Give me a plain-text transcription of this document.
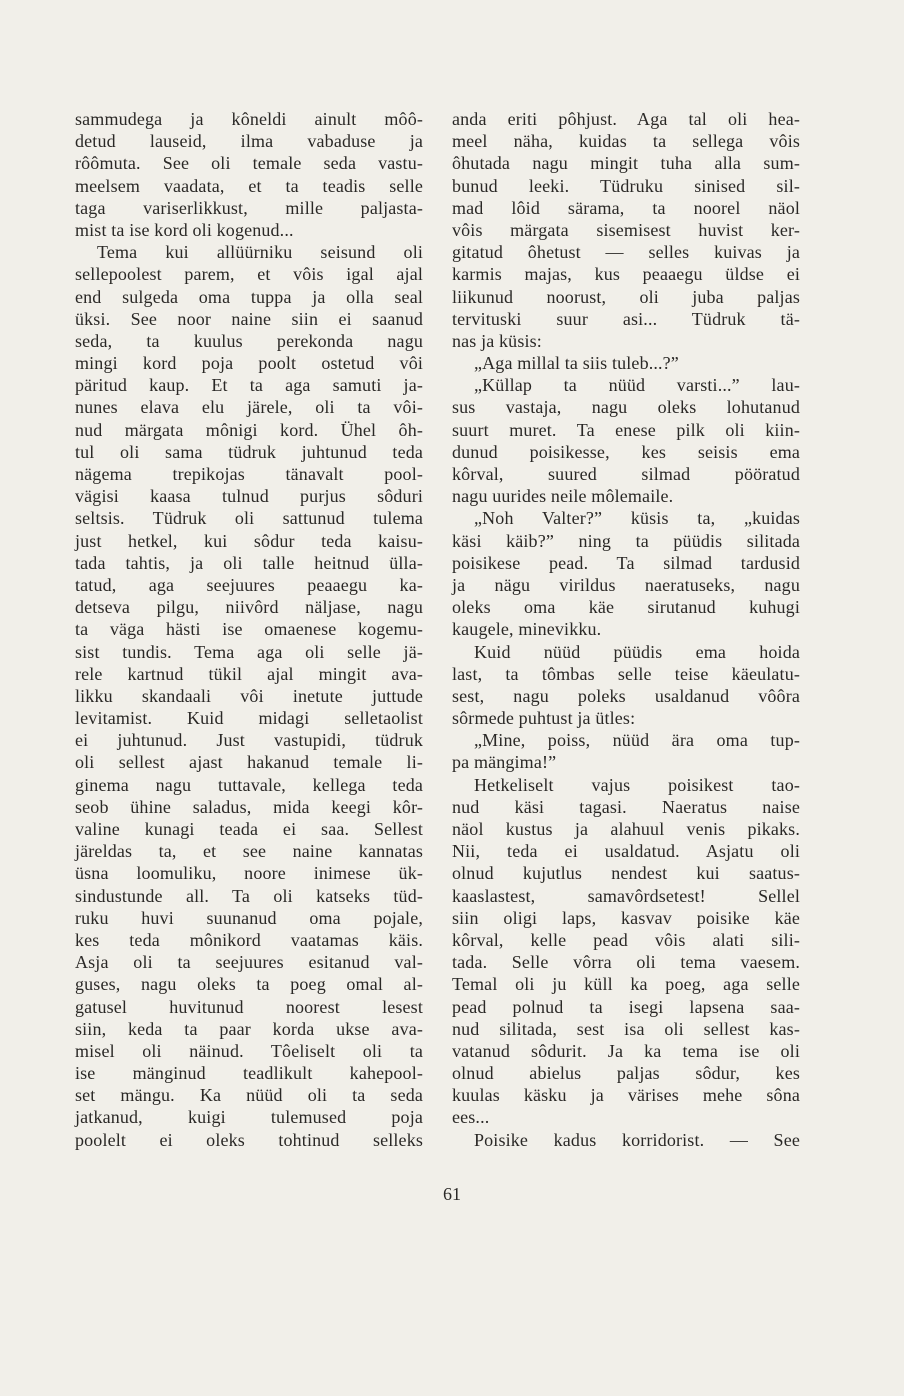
sammudega ja kôneldi ainult môô-
detud lauseid, ilma vabaduse ja
rôômuta. See oli temale seda vastu-
meelsem vaadata, et ta teadis selle
taga variserlikkust, mille paljasta-
mist ta ise kord oli kogenud...
Tema kui allüürniku seisund oli
sellepoolest parem, et vôis igal ajal
end sulgeda oma tuppa ja olla seal
üksi. See noor naine siin ei saanud
seda, ta kuulus perekonda nagu
mingi kord poja poolt ostetud vôi
päritud kaup. Et ta aga samuti ja-
nunes elava elu järele, oli ta vôi-
nud märgata mônigi kord. Ühel ôh-
tul oli sama tüdruk juhtunud teda
nägema trepikojas tänavalt pool-
vägisi kaasa tulnud purjus sôduri
seltsis. Tüdruk oli sattunud tulema
just hetkel, kui sôdur teda kaisu-
tada tahtis, ja oli talle heitnud ülla-
tatud, aga seejuures peaaegu ka-
detseva pilgu, niivôrd näljase, nagu
ta väga hästi ise omaenese kogemu-
sist tundis. Tema aga oli selle jä-
rele kartnud tükil ajal mingit ava-
likku skandaali vôi inetute juttude
levitamist. Kuid midagi selletaolist
ei juhtunud. Just vastupidi, tüdruk
oli sellest ajast hakanud temale li-
ginema nagu tuttavale, kellega teda
seob ühine saladus, mida keegi kôr-
valine kunagi teada ei saa. Sellest
järeldas ta, et see naine kannatas
üsna loomuliku, noore inimese ük-
sindustunde all. Ta oli katseks tüd-
ruku huvi suunanud oma pojale,
kes teda mônikord vaatamas käis.
Asja oli ta seejuures esitanud val-
guses, nagu oleks ta poeg omal al-
gatusel huvitunud noorest lesest
siin, keda ta paar korda ukse ava-
misel oli näinud. Tôeliselt oli ta
ise mänginud teadlikult kahepool-
set mängu. Ka nüüd oli ta seda
jatkanud, kuigi tulemused poja
poolelt ei oleks tohtinud selleks
anda eriti pôhjust. Aga tal oli hea-
meel näha, kuidas ta sellega vôis
ôhutada nagu mingit tuha alla sum-
bunud leeki. Tüdruku sinised sil-
mad lôid särama, ta noorel näol
vôis märgata sisemisest huvist ker-
gitatud ôhetust — selles kuivas ja
karmis majas, kus peaaegu üldse ei
liikunud noorust, oli juba paljas
tervituski suur asi... Tüdruk tä-
nas ja küsis:
„Aga millal ta siis tuleb...?”
„Küllap ta nüüd varsti...” lau-
sus vastaja, nagu oleks lohutanud
suurt muret. Ta enese pilk oli kiin-
dunud poisikesse, kes seisis ema
kôrval, suured silmad pööratud
nagu uurides neile môlemaile.
„Noh Valter?” küsis ta, „kuidas
käsi käib?” ning ta püüdis silitada
poisikese pead. Ta silmad tardusid
ja nägu virildus naeratuseks, nagu
oleks oma käe sirutanud kuhugi
kaugele, minevikku.
Kuid nüüd püüdis ema hoida
last, ta tômbas selle teise käeulatu-
sest, nagu poleks usaldanud vôôra
sôrmede puhtust ja ütles:
„Mine, poiss, nüüd ära oma tup-
pa mängima!”
Hetkeliselt vajus poisikest tao-
nud käsi tagasi. Naeratus naise
näol kustus ja alahuul venis pikaks.
Nii, teda ei usaldatud. Asjatu oli
olnud kujutlus nendest kui saatus-
kaaslastest, samavôrdsetest! Sellel
siin oligi laps, kasvav poisike käe
kôrval, kelle pead vôis alati sili-
tada. Selle vôrra oli tema vaesem.
Temal oli ju küll ka poeg, aga selle
pead polnud ta isegi lapsena saa-
nud silitada, sest isa oli sellest kas-
vatanud sôdurit. Ja ka tema ise oli
olnud abielus paljas sôdur, kes
kuulas käsku ja värises mehe sôna
ees...
Poisike kadus korridorist. — See
61
